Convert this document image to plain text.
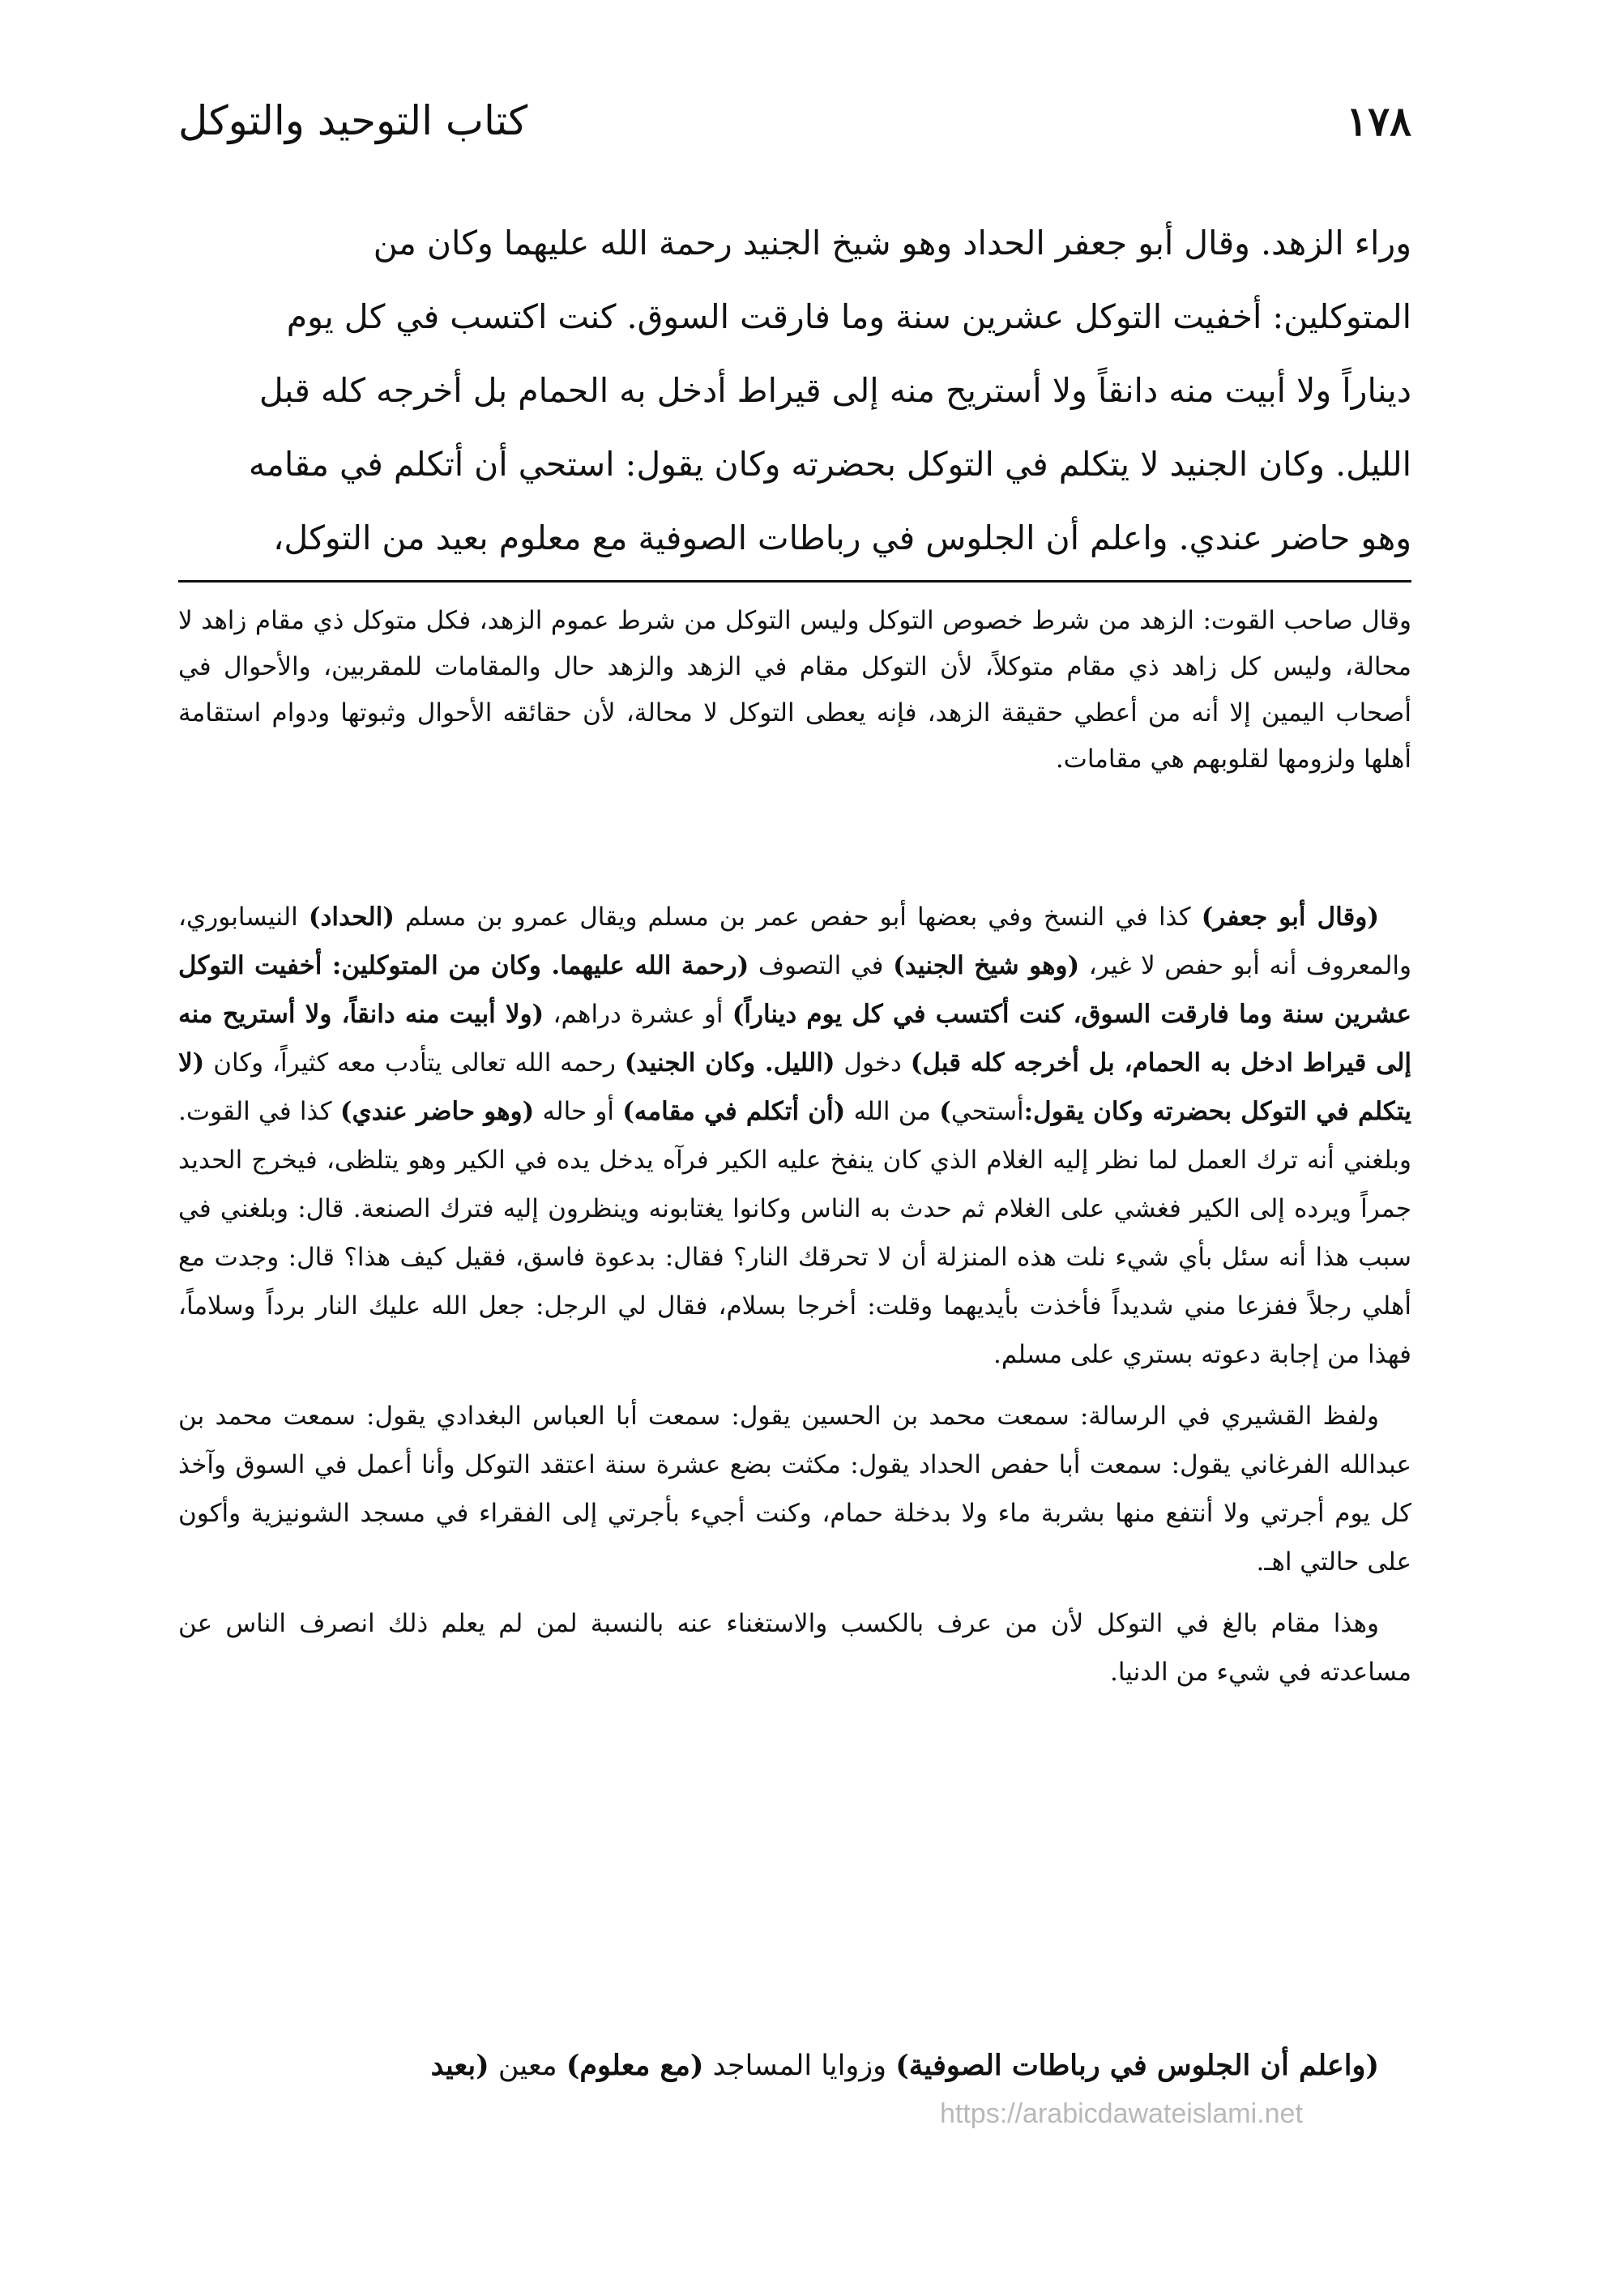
١٧٨
كتاب التوحيد والتوكل

وراء الزهد. وقال أبو جعفر الحداد وهو شيخ الجنيد رحمة الله عليهما وكان من

المتوكلين: أخفيت التوكل عشرين سنة وما فارقت السوق. كنت اكتسب في كل يوم

ديناراً ولا أبيت منه دانقاً ولا أستريح منه إلى قيراط أدخل به الحمام بل أخرجه كله قبل

الليل. وكان الجنيد لا يتكلم في التوكل بحضرته وكان يقول: استحي أن أتكلم في مقامه

وهو حاضر عندي. واعلم أن الجلوس في رباطات الصوفية مع معلوم بعيد من التوكل،

وقال صاحب القوت: الزهد من شرط خصوص التوكل وليس التوكل من شرط عموم الزهد، فكل متوكل ذي مقام زاهد لا محالة، وليس كل زاهد ذي مقام متوكلاً، لأن التوكل مقام في الزهد والزهد حال والمقامات للمقربين، والأحوال في أصحاب اليمين إلا أنه من أعطي حقيقة الزهد، فإنه يعطى التوكل لا محالة، لأن حقائقه الأحوال وثبوتها ودوام استقامة أهلها ولزومها لقلوبهم هي مقامات.

(وقال أبو جعفر) كذا في النسخ وفي بعضها أبو حفص عمر بن مسلم ويقال عمرو بن مسلم (الحداد) النيسابوري، والمعروف أنه أبو حفص لا غير، (وهو شيخ الجنيد) في التصوف (رحمة الله عليهما. وكان من المتوكلين: أخفيت التوكل عشرين سنة وما فارقت السوق، كنت أكتسب في كل يوم ديناراً) أو عشرة دراهم، (ولا أبيت منه دانقاً، ولا أستريح منه إلى قيراط ادخل به الحمام، بل أخرجه كله قبل) دخول (الليل. وكان الجنيد) رحمه الله تعالى يتأدب معه كثيراً، وكان (لا يتكلم في التوكل بحضرته وكان يقول:أستحي) من الله (أن أتكلم في مقامه) أو حاله (وهو حاضر عندي) كذا في القوت. وبلغني أنه ترك العمل لما نظر إليه الغلام الذي كان ينفخ عليه الكير فرآه يدخل يده في الكير وهو يتلظى، فيخرج الحديد جمراً ويرده إلى الكير فغشي على الغلام ثم حدث به الناس وكانوا يغتابونه وينظرون إليه فترك الصنعة. قال: وبلغني في سبب هذا أنه سئل بأي شيء نلت هذه المنزلة أن لا تحرقك النار؟ فقال: بدعوة فاسق، فقيل كيف هذا؟ قال: وجدت مع أهلي رجلاً ففزعا مني شديداً فأخذت بأيديهما وقلت: أخرجا بسلام، فقال لي الرجل: جعل الله عليك النار برداً وسلاماً، فهذا من إجابة دعوته بستري على مسلم.

ولفظ القشيري في الرسالة: سمعت محمد بن الحسين يقول: سمعت أبا العباس البغدادي يقول: سمعت محمد بن عبدالله الفرغاني يقول: سمعت أبا حفص الحداد يقول: مكثت بضع عشرة سنة اعتقد التوكل وأنا أعمل في السوق وآخذ كل يوم أجرتي ولا أنتفع منها بشربة ماء ولا بدخلة حمام، وكنت أجيء بأجرتي إلى الفقراء في مسجد الشونيزية وأكون على حالتي اهـ.

وهذا مقام بالغ في التوكل لأن من عرف بالكسب والاستغناء عنه بالنسبة لمن لم يعلم ذلك انصرف الناس عن مساعدته في شيء من الدنيا.

(واعلم أن الجلوس في رباطات الصوفية) وزوايا المساجد (مع معلوم) معين (بعيد
https://arabicdawateislami.net
